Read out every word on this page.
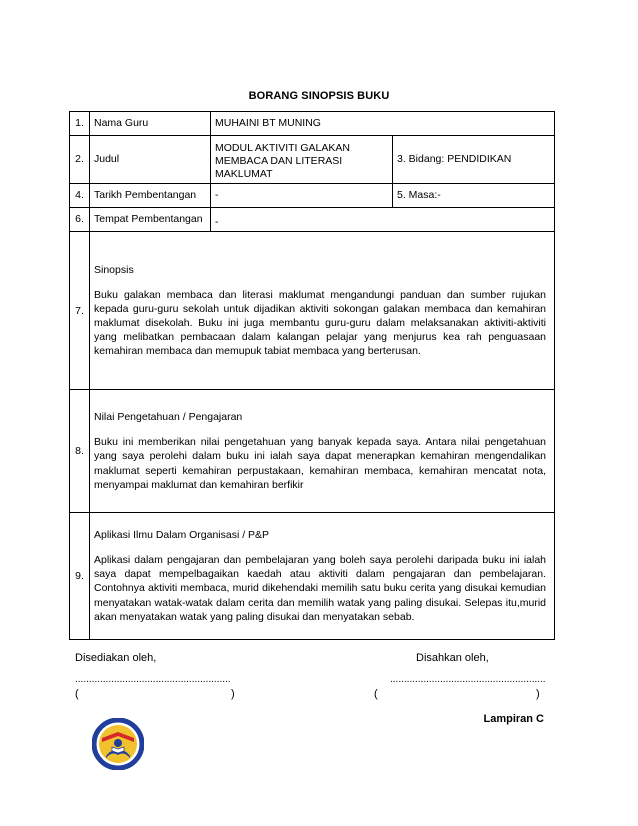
BORANG SINOPSIS BUKU
1.	Nama Guru	MUHAINI BT MUNING	
2.	Judul	MODUL AKTIVITI GALAKAN MEMBACA DAN LITERASI MAKLUMAT	3. Bidang: PENDIDIKAN
4.	Tarikh Pembentangan	-	5. Masa:-
6.	Tempat Pembentangan	-	

7.	Sinopsis
Buku galakan membaca dan literasi maklumat mengandungi panduan dan sumber rujukan kepada guru-guru sekolah untuk dijadikan aktiviti sokongan galakan membaca dan kemahiran maklumat disekolah. Buku ini juga membantu guru-guru dalam melaksanakan aktiviti-aktiviti yang melibatkan pembacaan dalam kalangan pelajar yang menjurus kea rah penguasaan kemahiran membaca dan memupuk tabiat membaca yang berterusan.		

8.	Nilai Pengetahuan / Pengajaran
Buku ini memberikan nilai pengetahuan yang banyak kepada saya. Antara nilai pengetahuan yang saya perolehi dalam buku ini ialah saya dapat menerapkan kemahiran mengendalikan maklumat seperti kemahiran perpustakaan, kemahiran membaca, kemahiran mencatat nota, menyampai maklumat dan kemahiran berfikir		

9.	Aplikasi Ilmu Dalam Organisasi / P&P
Aplikasi dalam pengajaran dan pembelajaran yang boleh saya perolehi daripada buku ini ialah saya dapat mempelbagaikan kaedah atau aktiviti dalam pengajaran dan pembelajaran. Contohnya aktiviti membaca, murid dikehendaki memilih satu buku cerita yang disukai kemudian menyatakan watak-watak dalam cerita dan memilih watak yang paling disukai. Selepas itu,murid akan menyatakan watak yang paling disukai dan menyatakan sebab.		
Disediakan oleh,	Disahkan oleh,
........................................................	........................................................
(	)	(	)
Lampiran C
